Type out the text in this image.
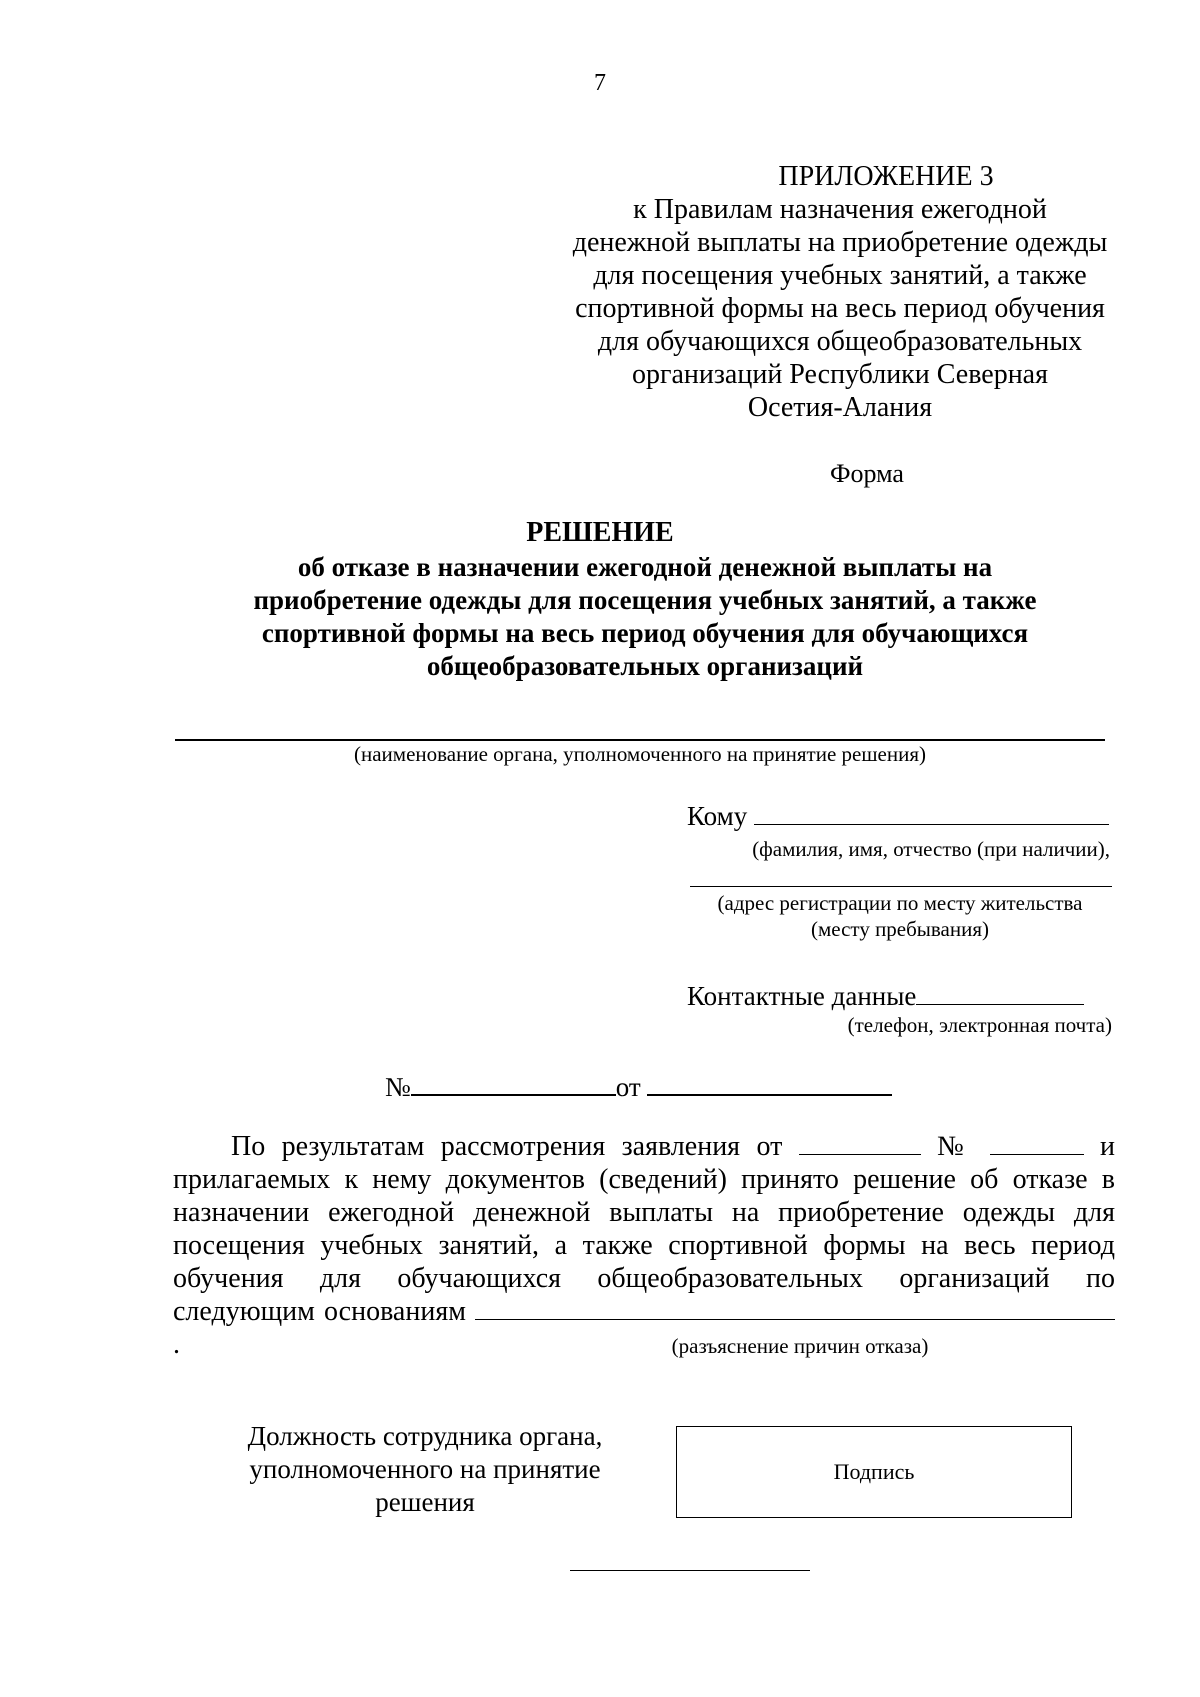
7
ПРИЛОЖЕНИЕ 3
к Правилам назначения ежегодной
денежной выплаты на приобретение одежды
для посещения учебных занятий, а также
спортивной формы на весь период обучения
для обучающихся общеобразовательных
организаций Республики Северная
Осетия-Алания
Форма
РЕШЕНИЕ
об отказе в назначении ежегодной денежной выплаты на
приобретение одежды для посещения учебных занятий, а также
спортивной формы на весь период обучения для обучающихся
общеобразовательных организаций
(наименование органа, уполномоченного на принятие решения)
Кому
(фамилия, имя, отчество (при наличии),
(адрес регистрации по месту жительства
(месту пребывания)
Контактные данные
(телефон, электронная почта)
№	от
По результатам рассмотрения заявления от	№	и прилагаемых к нему документов (сведений) принято решение об отказе в назначении ежегодной денежной выплаты на приобретение одежды для посещения учебных занятий, а также спортивной формы на весь период обучения для обучающихся общеобразовательных организаций по следующим основаниям .	(разъяснение причин отказа)
Должность сотрудника органа,
уполномоченного на принятие
решения
Подпись
